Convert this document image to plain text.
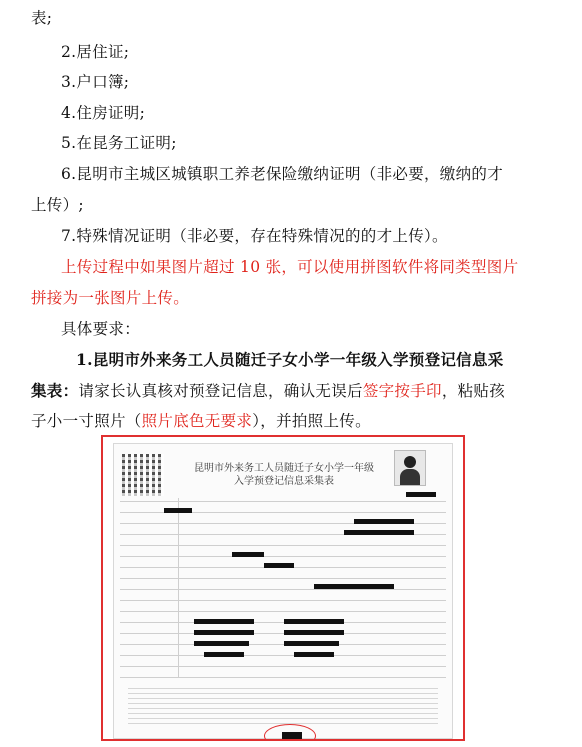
表;
2.居住证;
3.户口簿;
4.住房证明;
5.在昆务工证明;
6.昆明市主城区城镇职工养老保险缴纳证明（非必要，缴纳的才
上传）;
7.特殊情况证明（非必要，存在特殊情况的的才上传）。
上传过程中如果图片超过 10 张，可以使用拼图软件将同类型图片
拼接为一张图片上传。
具体要求：
1.昆明市外来务工人员随迁子女小学一年级入学预登记信息采
集表：请家长认真核对预登记信息，确认无误后签字按手印，粘贴孩
子小一寸照片（照片底色无要求），并拍照上传。
昆明市外来务工人员随迁子女小学一年级
入学预登记信息采集表
